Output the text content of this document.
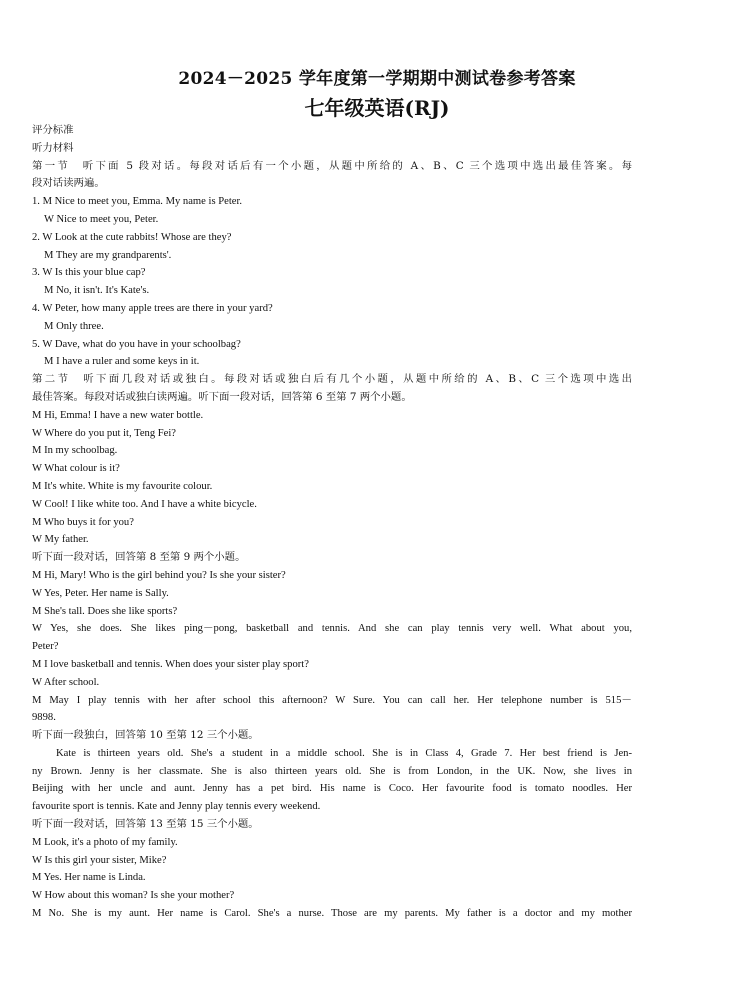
2024－2025 学年度第一学期期中测试卷参考答案
七年级英语(RJ)
评分标准
听力材料
第一节　听下面 5 段对话。每段对话后有一个小题，从题中所给的 A、B、C 三个选项中选出最佳答案。每
段对话读两遍。
1. M Nice to meet you, Emma. My name is Peter.
W Nice to meet you, Peter.
2. W Look at the cute rabbits! Whose are they?
M They are my grandparents'.
3. W Is this your blue cap?
M No, it isn't. It's Kate's.
4. W Peter, how many apple trees are there in your yard?
M Only three.
5. W Dave, what do you have in your schoolbag?
M I have a ruler and some keys in it.
第二节　听下面几段对话或独白。每段对话或独白后有几个小题，从题中所给的 A、B、C 三个选项中选出
最佳答案。每段对话或独白读两遍。听下面一段对话，回答第 6 至第 7 两个小题。
M Hi, Emma! I have a new water bottle.
W Where do you put it, Teng Fei?
M In my schoolbag.
W What colour is it?
M It's white. White is my favourite colour.
W Cool! I like white too. And I have a white bicycle.
M Who buys it for you?
W My father.
听下面一段对话，回答第 8 至第 9 两个小题。
M Hi, Mary! Who is the girl behind you? Is she your sister?
W Yes, Peter. Her name is Sally.
M She's tall. Does she like sports?
W Yes, she does. She likes ping－pong, basketball and tennis. And she can play tennis very well. What about you,
Peter?
M I love basketball and tennis. When does your sister play sport?
W After school.
M May I play tennis with her after school this afternoon? W Sure. You can call her. Her telephone number is 515－
9898.
听下面一段独白，回答第 10 至第 12 三个小题。
Kate is thirteen years old. She's a student in a middle school. She is in Class 4, Grade 7. Her best friend is Jen-
ny Brown. Jenny is her classmate. She is also thirteen years old. She is from London, in the UK. Now, she lives in
Beijing with her uncle and aunt. Jenny has a pet bird. His name is Coco. Her favourite food is tomato noodles. Her
favourite sport is tennis. Kate and Jenny play tennis every weekend.
听下面一段对话，回答第 13 至第 15 三个小题。
M Look, it's a photo of my family.
W Is this girl your sister, Mike?
M Yes. Her name is Linda.
W How about this woman? Is she your mother?
M No. She is my aunt. Her name is Carol. She's a nurse. Those are my parents. My father is a doctor and my mother
